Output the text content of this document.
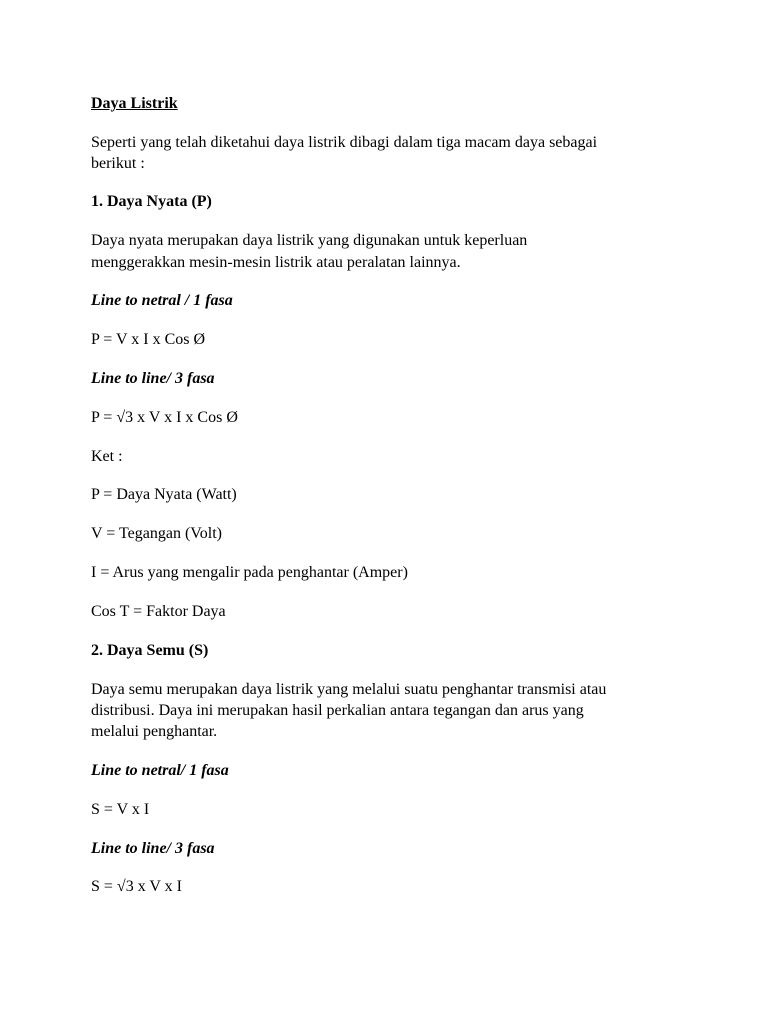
Daya Listrik
Seperti yang telah diketahui daya listrik dibagi dalam tiga macam daya sebagai
berikut :
1. Daya Nyata (P)
Daya nyata merupakan daya listrik yang digunakan untuk keperluan
menggerakkan mesin-mesin listrik atau peralatan lainnya.
Line to netral / 1 fasa
P = V x I x Cos Ø
Line to line/ 3 fasa
P = √3 x V x I x Cos Ø
Ket :
P = Daya Nyata (Watt)
V = Tegangan (Volt)
I = Arus yang mengalir pada penghantar (Amper)
Cos T = Faktor Daya
2. Daya Semu (S)
Daya semu merupakan daya listrik yang melalui suatu penghantar transmisi atau
distribusi. Daya ini merupakan hasil perkalian antara tegangan dan arus yang
melalui penghantar.
Line to netral/ 1 fasa
S = V x I
Line to line/ 3 fasa
S = √3 x V x I
